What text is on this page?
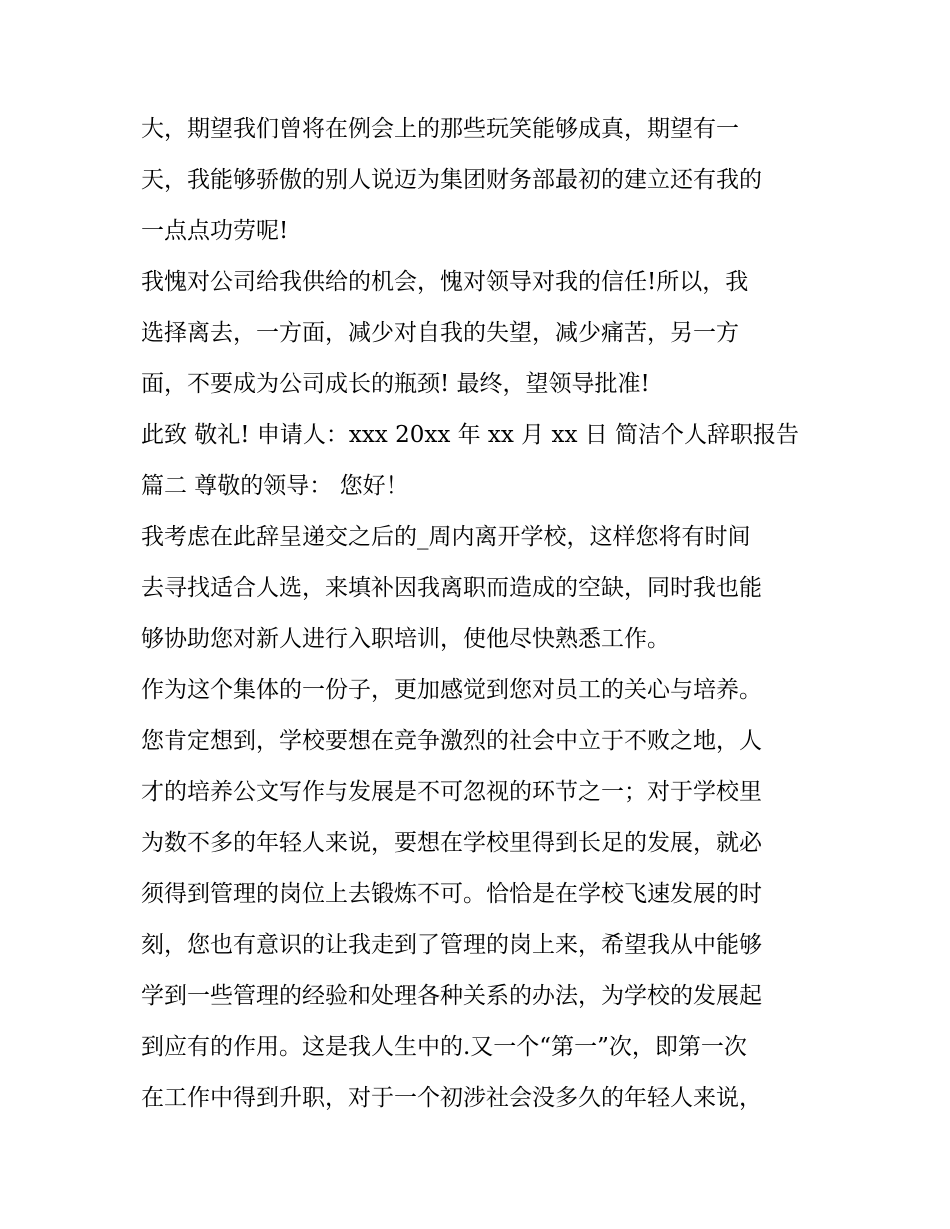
大，期望我们曾将在例会上的那些玩笑能够成真，期望有一
天，我能够骄傲的别人说迈为集团财务部最初的建立还有我的
一点点功劳呢!
我愧对公司给我供给的机会，愧对领导对我的信任!所以，我
选择离去，一方面，减少对自我的失望，减少痛苦，另一方
面，不要成为公司成长的瓶颈! 最终，望领导批准!
此致 敬礼! 申请人：xxx 20xx 年 xx 月 xx 日 简洁个人辞职报告
篇二 尊敬的领导： 您好！
我考虑在此辞呈递交之后的_周内离开学校，这样您将有时间
去寻找适合人选，来填补因我离职而造成的空缺，同时我也能
够协助您对新人进行入职培训，使他尽快熟悉工作。
作为这个集体的一份子，更加感觉到您对员工的关心与培养。
您肯定想到，学校要想在竞争激烈的社会中立于不败之地，人
才的培养公文写作与发展是不可忽视的环节之一；对于学校里
为数不多的年轻人来说，要想在学校里得到长足的发展，就必
须得到管理的岗位上去锻炼不可。恰恰是在学校飞速发展的时
刻，您也有意识的让我走到了管理的岗上来，希望我从中能够
学到一些管理的经验和处理各种关系的办法，为学校的发展起
到应有的作用。这是我人生中的.又一个“第一”次，即第一次
在工作中得到升职，对于一个初涉社会没多久的年轻人来说，
